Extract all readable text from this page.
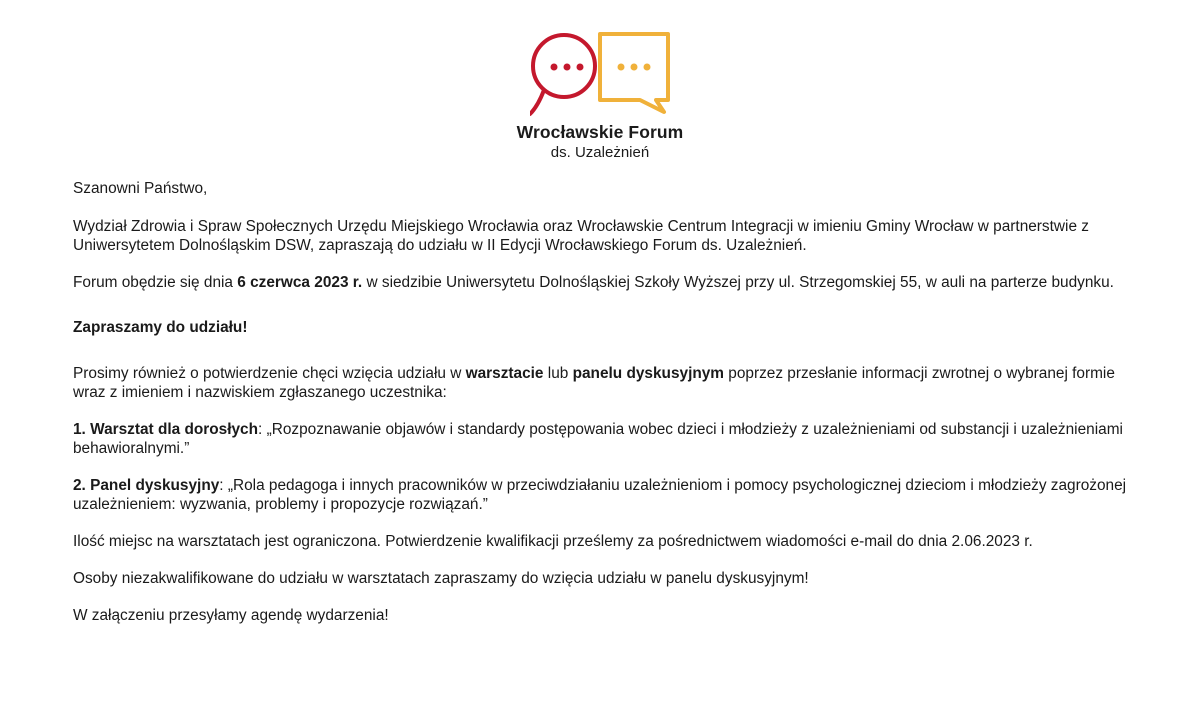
Wrocławskie Forum
ds. Uzależnień

Szanowni Państwo,

Wydział Zdrowia i Spraw Społecznych Urzędu Miejskiego Wrocławia oraz Wrocławskie Centrum Integracji w imieniu Gminy Wrocław w partnerstwie z Uniwersytetem Dolnośląskim DSW, zapraszają do udziału w II Edycji Wrocławskiego Forum ds. Uzależnień.

Forum obędzie się dnia 6 czerwca 2023 r. w siedzibie Uniwersytetu Dolnośląskiej Szkoły Wyższej przy ul. Strzegomskiej 55, w auli na parterze budynku.

Zapraszamy do udziału!

Prosimy również o potwierdzenie chęci wzięcia udziału w warsztacie lub panelu dyskusyjnym poprzez przesłanie informacji zwrotnej o wybranej formie wraz z imieniem i nazwiskiem zgłaszanego uczestnika:

1. Warsztat dla dorosłych: „Rozpoznawanie objawów i standardy postępowania wobec dzieci i młodzieży z uzależnieniami od substancji i uzależnieniami behawioralnymi.”

2. Panel dyskusyjny: „Rola pedagoga i innych pracowników w przeciwdziałaniu uzależnieniom i pomocy psychologicznej dzieciom i młodzieży zagrożonej uzależnieniem: wyzwania, problemy i propozycje rozwiązań.”

Ilość miejsc na warsztatach jest ograniczona. Potwierdzenie kwalifikacji prześlemy za pośrednictwem wiadomości e-mail do dnia 2.06.2023 r.

Osoby niezakwalifikowane do udziału w warsztatach zapraszamy do wzięcia udziału w panelu dyskusyjnym!

W załączeniu przesyłamy agendę wydarzenia!
